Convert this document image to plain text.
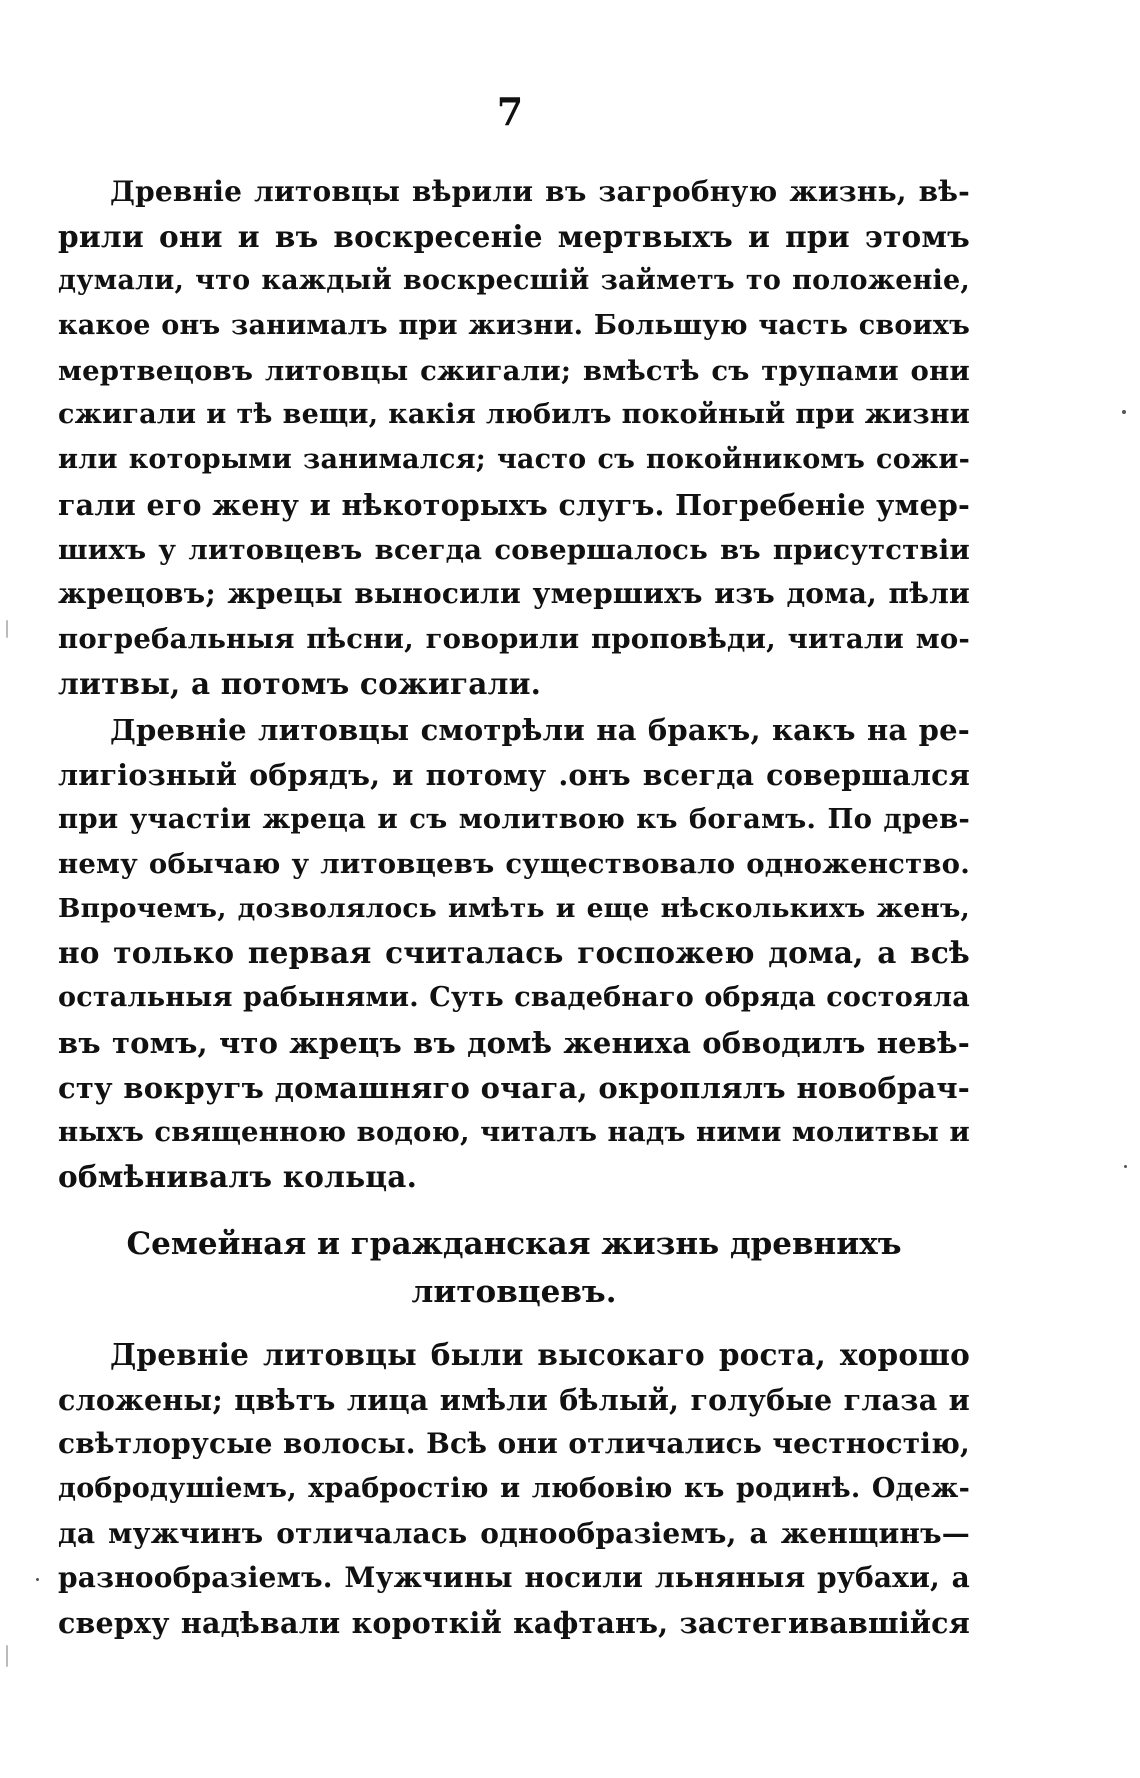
7
Древніе литовцы вѣрили въ загробную жизнь, вѣ-
рили они и въ воскресеніе мертвыхъ и при этомъ
думали, что каждый воскресшій займетъ то положеніе,
какое онъ занималъ при жизни. Большую часть своихъ
мертвецовъ литовцы сжигали; вмѣстѣ съ трупами они
сжигали и тѣ вещи, какія любилъ покойный при жизни
или которыми занимался; часто съ покойникомъ сожи-
гали его жену и нѣкоторыхъ слугъ. Погребеніе умер-
шихъ у литовцевъ всегда совершалось въ присутствіи
жрецовъ; жрецы выносили умершихъ изъ дома, пѣли
погребальныя пѣсни, говорили проповѣди, читали мо-
литвы, а потомъ сожигали.
Древніе литовцы смотрѣли на бракъ, какъ на ре-
лигіозный обрядъ, и потому .онъ всегда совершался
при участіи жреца и съ молитвою къ богамъ. По древ-
нему обычаю у литовцевъ существовало одноженство.
Впрочемъ, дозволялось имѣть и еще нѣсколькихъ женъ,
но только первая считалась госпожею дома, а всѣ
остальныя рабынями. Суть свадебнаго обряда состояла
въ томъ, что жрецъ въ домѣ жениха обводилъ невѣ-
сту вокругъ домашняго очага, окроплялъ новобрач-
ныхъ священною водою, читалъ надъ ними молитвы и
обмѣнивалъ кольца.
Семейная и гражданская жизнь древнихъ
литовцевъ.
Древніе литовцы были высокаго роста, хорошо
сложены; цвѣтъ лица имѣли бѣлый, голубые глаза и
свѣтлорусые волосы. Всѣ они отличались честностію,
добродушіемъ, храбростію и любовію къ родинѣ. Одеж-
да мужчинъ отличалась однообразіемъ, а женщинъ—
разнообразіемъ. Мужчины носили льняныя рубахи, а
сверху надѣвали короткій кафтанъ, застегивавшійся
